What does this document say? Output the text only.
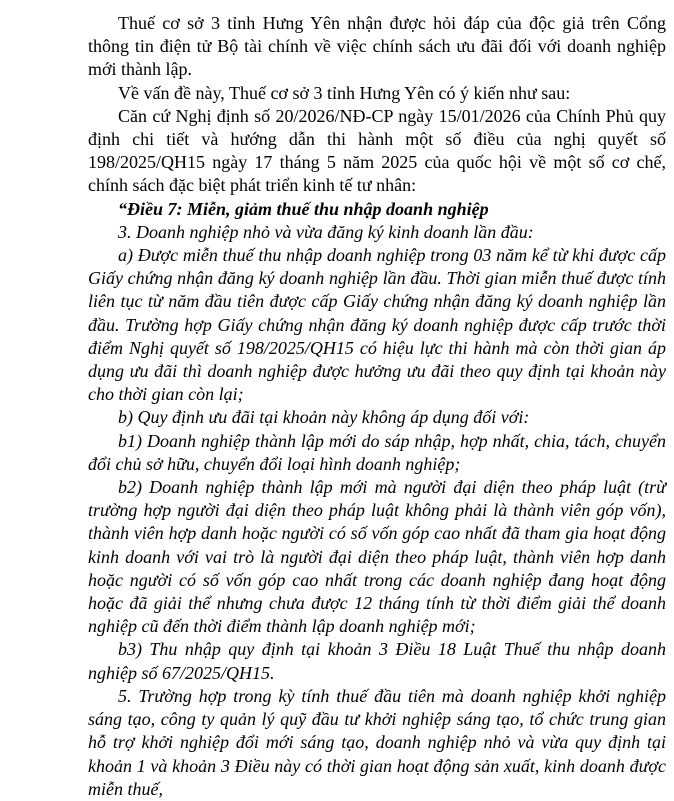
Thuế cơ sở 3 tỉnh Hưng Yên nhận được hỏi đáp của độc giả trên Cổng thông tin điện tử Bộ tài chính về việc chính sách ưu đãi đối với doanh nghiệp mới thành lập.

Về vấn đề này, Thuế cơ sở 3 tỉnh Hưng Yên có ý kiến như sau:

Căn cứ Nghị định số 20/2026/NĐ-CP ngày 15/01/2026 của Chính Phủ quy định chi tiết và hướng dẫn thi hành một số điều của nghị quyết số 198/2025/QH15 ngày 17 tháng 5 năm 2025 của quốc hội về một số cơ chế, chính sách đặc biệt phát triển kinh tế tư nhân:

“Điều 7: Miễn, giảm thuế thu nhập doanh nghiệp

3. Doanh nghiệp nhỏ và vừa đăng ký kinh doanh lần đầu:

a) Được miễn thuế thu nhập doanh nghiệp trong 03 năm kể từ khi được cấp Giấy chứng nhận đăng ký doanh nghiệp lần đầu. Thời gian miễn thuế được tính liên tục từ năm đầu tiên được cấp Giấy chứng nhận đăng ký doanh nghiệp lần đầu. Trường hợp Giấy chứng nhận đăng ký doanh nghiệp được cấp trước thời điểm Nghị quyết số 198/2025/QH15 có hiệu lực thi hành mà còn thời gian áp dụng ưu đãi thì doanh nghiệp được hưởng ưu đãi theo quy định tại khoản này cho thời gian còn lại;

b) Quy định ưu đãi tại khoản này không áp dụng đối với:

b1) Doanh nghiệp thành lập mới do sáp nhập, hợp nhất, chia, tách, chuyển đổi chủ sở hữu, chuyển đổi loại hình doanh nghiệp;

b2) Doanh nghiệp thành lập mới mà người đại diện theo pháp luật (trừ trường hợp người đại diện theo pháp luật không phải là thành viên góp vốn), thành viên hợp danh hoặc người có số vốn góp cao nhất đã tham gia hoạt động kinh doanh với vai trò là người đại diện theo pháp luật, thành viên hợp danh hoặc người có số vốn góp cao nhất trong các doanh nghiệp đang hoạt động hoặc đã giải thể nhưng chưa được 12 tháng tính từ thời điểm giải thể doanh nghiệp cũ đến thời điểm thành lập doanh nghiệp mới;

b3) Thu nhập quy định tại khoản 3 Điều 18 Luật Thuế thu nhập doanh nghiệp số 67/2025/QH15.

5. Trường hợp trong kỳ tính thuế đầu tiên mà doanh nghiệp khởi nghiệp sáng tạo, công ty quản lý quỹ đầu tư khởi nghiệp sáng tạo, tổ chức trung gian hỗ trợ khởi nghiệp đổi mới sáng tạo, doanh nghiệp nhỏ và vừa quy định tại khoản 1 và khoản 3 Điều này có thời gian hoạt động sản xuất, kinh doanh được miễn thuế,
